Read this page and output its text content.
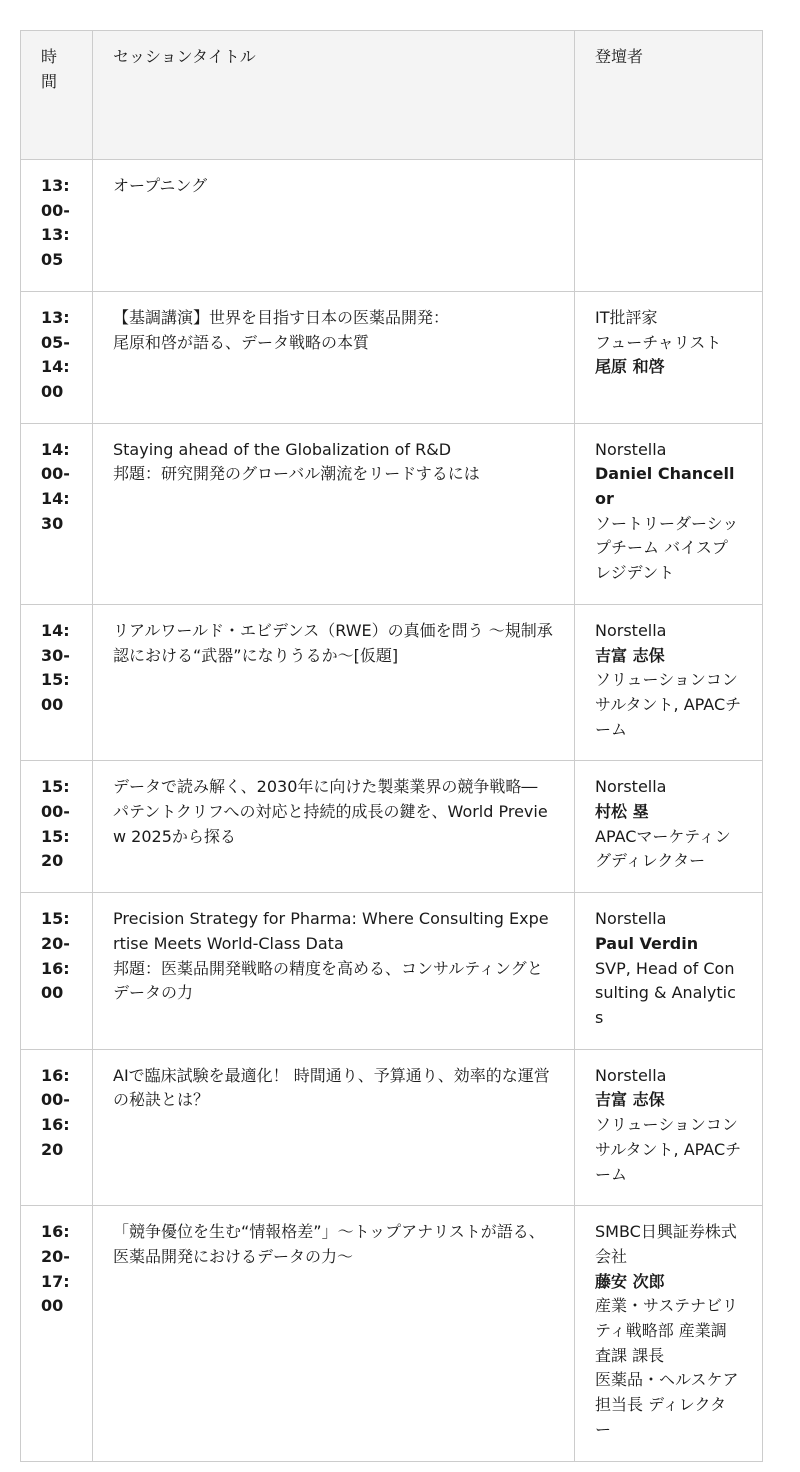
時間	セッションタイトル	登壇者
13:00-13:05	オープニング	

13:05-14:00	【基調講演】世界を目指す日本の医薬品開発：
尾原和啓が語る、データ戦略の本質	IT批評家
フューチャリスト
尾原 和啓

14:00-14:30	Staying ahead of the Globalization of R&D
邦題：研究開発のグローバル潮流をリードするには	Norstella
Daniel Chancellor
ソートリーダーシップチーム バイスプレジデント

14:30-15:00	リアルワールド・エビデンス（RWE）の真価を問う 〜規制承認における“武器”になりうるか〜[仮題]	Norstella
吉富 志保
ソリューションコンサルタント, APACチーム

15:00-15:20	データで読み解く、2030年に向けた製薬業界の競争戦略―
パテントクリフへの対応と持続的成長の鍵を、World Preview 2025から探る	Norstella
村松 塁
APACマーケティングディレクター

15:20-16:00	Precision Strategy for Pharma: Where Consulting Expertise Meets World-Class Data
邦題：医薬品開発戦略の精度を高める、コンサルティングとデータの力	Norstella
Paul Verdin
SVP, Head of Consulting & Analytics

16:00-16:20	AIで臨床試験を最適化！ 時間通り、予算通り、効率的な運営の秘訣とは？	Norstella
吉富 志保
ソリューションコンサルタント, APACチーム

16:20-17:00	「競争優位を生む“情報格差”」〜トップアナリストが語る、医薬品開発におけるデータの力〜	SMBC日興証券株式会社
藤安 次郎
産業・サステナビリティ戦略部 産業調査課 課長
医薬品・ヘルスケア担当長 ディレクター
